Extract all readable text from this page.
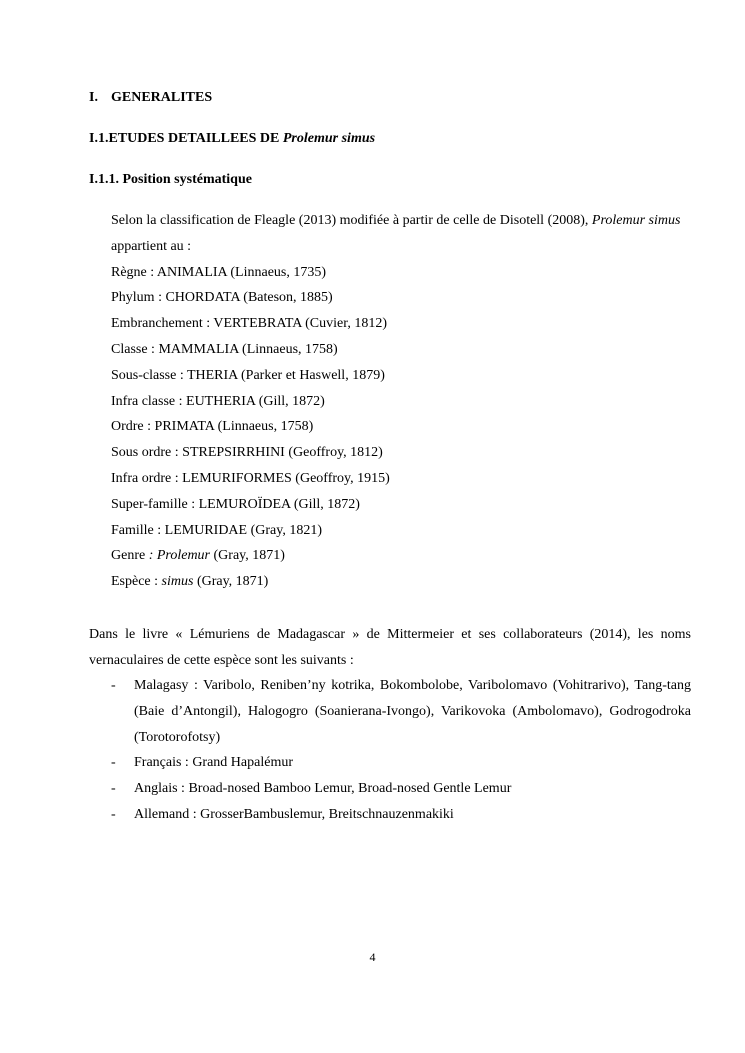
I. GENERALITES
I.1.ETUDES DETAILLEES DE Prolemur simus
I.1.1. Position systématique
Selon la classification de Fleagle (2013) modifiée à partir de celle de Disotell (2008), Prolemur simus appartient au :
Règne : ANIMALIA (Linnaeus, 1735)
Phylum : CHORDATA (Bateson, 1885)
Embranchement : VERTEBRATA (Cuvier, 1812)
Classe : MAMMALIA (Linnaeus, 1758)
Sous-classe : THERIA (Parker et Haswell, 1879)
Infra classe : EUTHERIA (Gill, 1872)
Ordre : PRIMATA (Linnaeus, 1758)
Sous ordre : STREPSIRRHINI (Geoffroy, 1812)
Infra ordre : LEMURIFORMES (Geoffroy, 1915)
Super-famille : LEMUROÏDEA (Gill, 1872)
Famille : LEMURIDAE (Gray, 1821)
Genre : Prolemur (Gray, 1871)
Espèce : simus (Gray, 1871)
Dans le livre « Lémuriens de Madagascar » de Mittermeier et ses collaborateurs (2014), les noms vernaculaires de cette espèce sont les suivants :
- Malagasy : Varibolo, Reniben’ny kotrika, Bokombolobe, Varibolomavo (Vohitrarivo), Tang-tang (Baie d’Antongil), Halogogro (Soanierana-Ivongo), Varikovoka (Ambolomavo), Godrogodroka (Torotorofotsy)
- Français : Grand Hapalémur
- Anglais : Broad-nosed Bamboo Lemur, Broad-nosed Gentle Lemur
- Allemand : GrosserBambuslemur, Breitschnauzenmakiki
4
